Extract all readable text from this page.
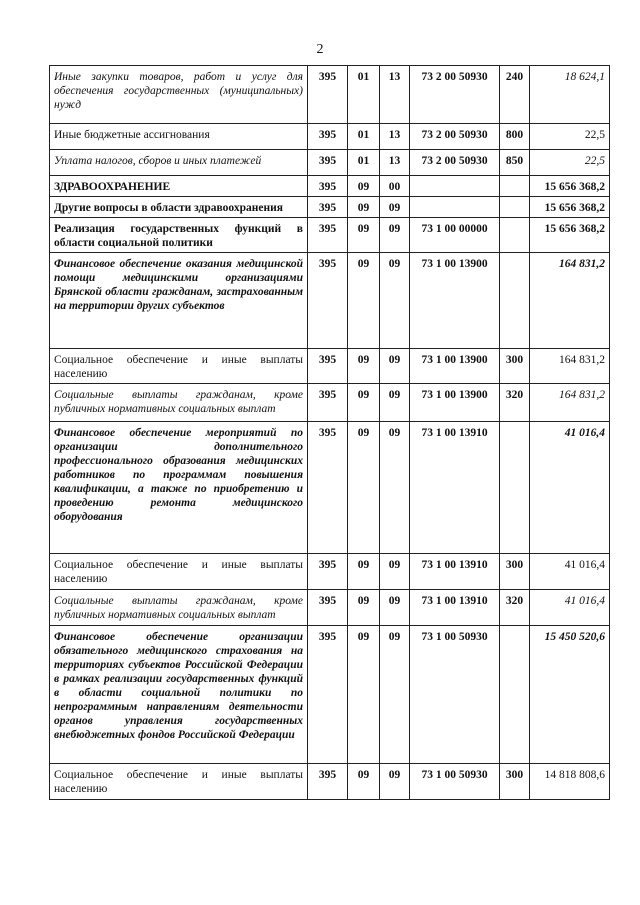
2
Иные закупки товаров, работ и услуг для обеспечения государственных (муниципальных) нужд	395	01	13	73 2 00 50930	240	18 624,1
Иные бюджетные ассигнования	395	01	13	73 2 00 50930	800	22,5
Уплата налогов, сборов и иных платежей	395	01	13	73 2 00 50930	850	22,5
ЗДРАВООХРАНЕНИЕ	395	09	00			15 656 368,2
Другие вопросы в области здравоохранения	395	09	09			15 656 368,2
Реализация государственных функций в области социальной политики	395	09	09	73 1 00 00000		15 656 368,2
Финансовое обеспечение оказания медицинской помощи медицинскими организациями Брянской области гражданам, застрахованным на территории других субъектов	395	09	09	73 1 00 13900		164 831,2
Социальное обеспечение и иные выплаты населению	395	09	09	73 1 00 13900	300	164 831,2
Социальные выплаты гражданам, кроме публичных нормативных социальных выплат	395	09	09	73 1 00 13900	320	164 831,2
Финансовое обеспечение мероприятий по организации дополнительного профессионального образования медицинских работников по программам повышения квалификации, а также по приобретению и проведению ремонта медицинского оборудования	395	09	09	73 1 00 13910		41 016,4
Социальное обеспечение и иные выплаты населению	395	09	09	73 1 00 13910	300	41 016,4
Социальные выплаты гражданам, кроме публичных нормативных социальных выплат	395	09	09	73 1 00 13910	320	41 016,4
Финансовое обеспечение организации обязательного медицинского страхования на территориях субъектов Российской Федерации в рамках реализации государственных функций в области социальной политики по непрограммным направлениям деятельности органов управления государственных внебюджетных фондов Российской Федерации	395	09	09	73 1 00 50930		15 450 520,6
Социальное обеспечение и иные выплаты населению	395	09	09	73 1 00 50930	300	14 818 808,6
